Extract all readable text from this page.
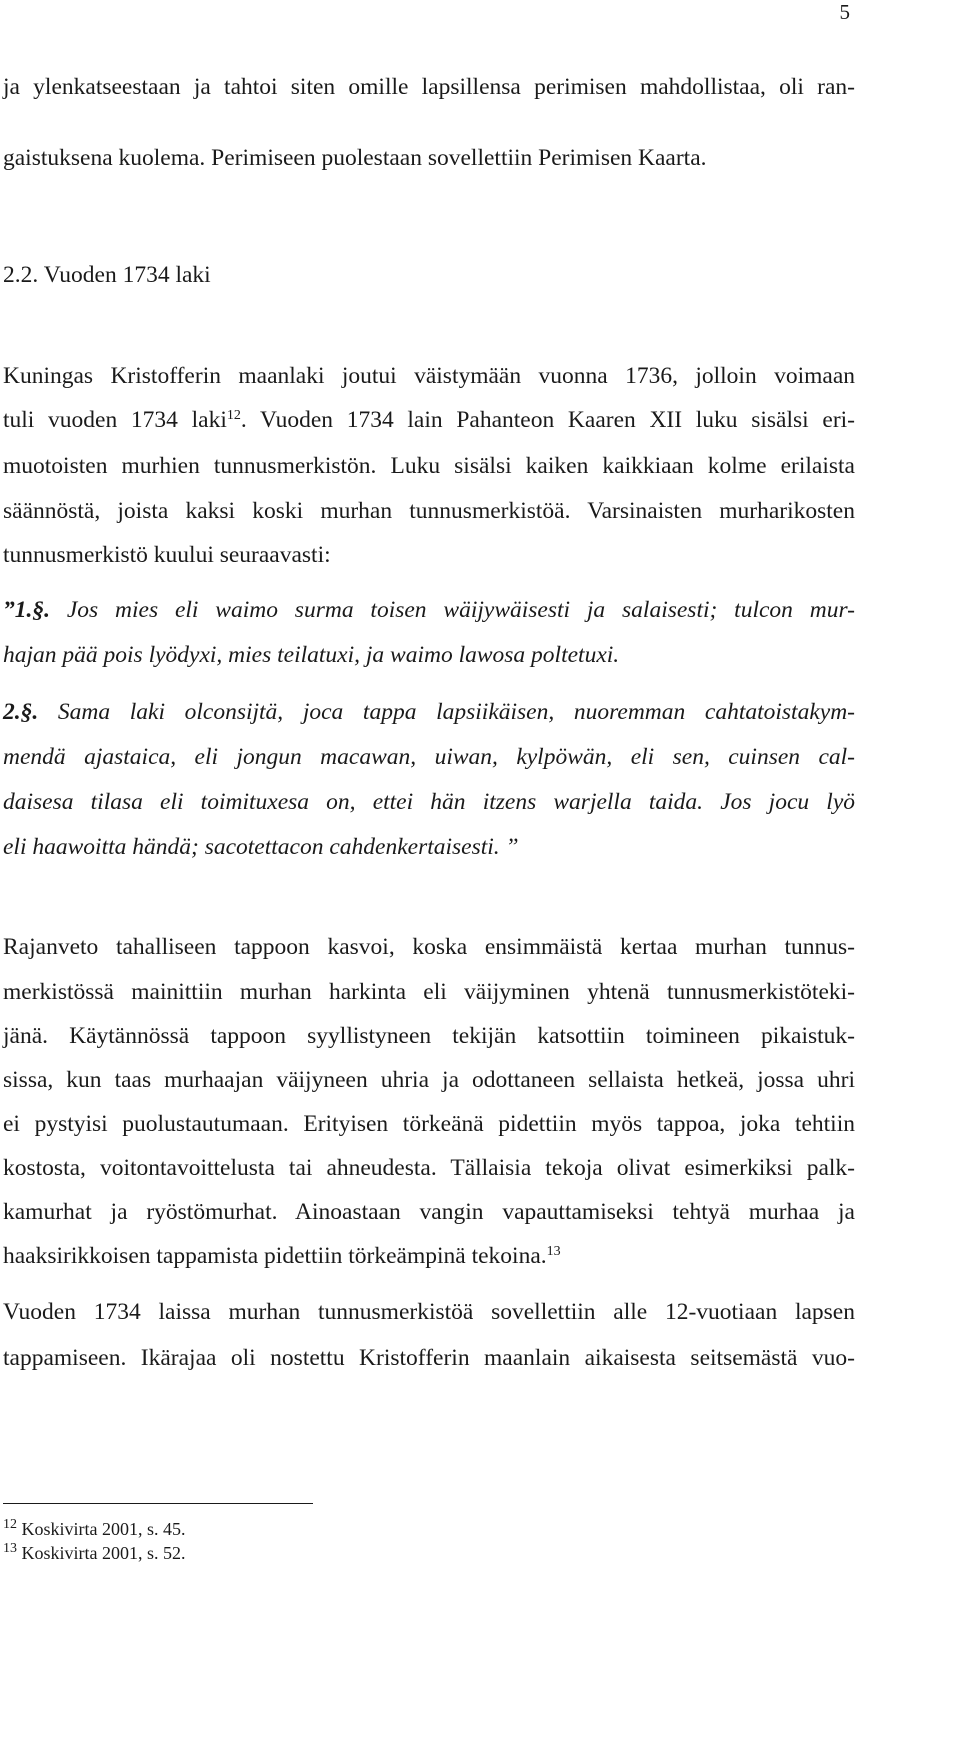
5
ja ylenkatseestaan ja tahtoi siten omille lapsillensa perimisen mahdollistaa, oli ran-
gaistuksena kuolema. Perimiseen puolestaan sovellettiin Perimisen Kaarta.
2.2. Vuoden 1734 laki
Kuningas Kristofferin maanlaki joutui väistymään vuonna 1736, jolloin voimaan
tuli vuoden 1734 laki$^{12}$. Vuoden 1734 lain Pahanteon Kaaren XII luku sisälsi eri-
muotoisten murhien tunnusmerkistön. Luku sisälsi kaiken kaikkiaan kolme erilaista
säännöstä, joista kaksi koski murhan tunnusmerkistöä. Varsinaisten murharikosten
tunnusmerkistö kuului seuraavasti:
”1.§. Jos mies eli waimo surma toisen wäijywäisesti ja salaisesti; tulcon mur-
hajan pää pois lyödyxi, mies teilatuxi, ja waimo lawosa poltetuxi.
2.§. Sama laki olconsijtä, joca tappa lapsiikäisen, nuoremman cahtatoistakym-
mendä ajastaica, eli jongun macawan, uiwan, kylpöwän, eli sen, cuinsen cal-
daisesa tilasa eli toimituxesa on, ettei hän itzens warjella taida. Jos jocu lyö
eli haawoitta händä; sacotettacon cahdenkertaisesti. ”
Rajanveto tahalliseen tappoon kasvoi, koska ensimmäistä kertaa murhan tunnus-
merkistössä mainittiin murhan harkinta eli väijyminen yhtenä tunnusmerkistöteki-
jänä. Käytännössä tappoon syyllistyneen tekijän katsottiin toimineen pikaistuk-
sissa, kun taas murhaajan väijyneen uhria ja odottaneen sellaista hetkeä, jossa uhri
ei pystyisi puolustautumaan. Erityisen törkeänä pidettiin myös tappoa, joka tehtiin
kostosta, voitontavoittelusta tai ahneudesta. Tällaisia tekoja olivat esimerkiksi palk-
kamurhat ja ryöstömurhat. Ainoastaan vangin vapauttamiseksi tehtyä murhaa ja
haaksirikkoisen tappamista pidettiin törkeämpinä tekoina.$^{13}$
Vuoden 1734 laissa murhan tunnusmerkistöä sovellettiin alle 12-vuotiaan lapsen
tappamiseen. Ikärajaa oli nostettu Kristofferin maanlain aikaisesta seitsemästä vuo-
$^{12}$ Koskivirta 2001, s. 45.
$^{13}$ Koskivirta 2001, s. 52.
